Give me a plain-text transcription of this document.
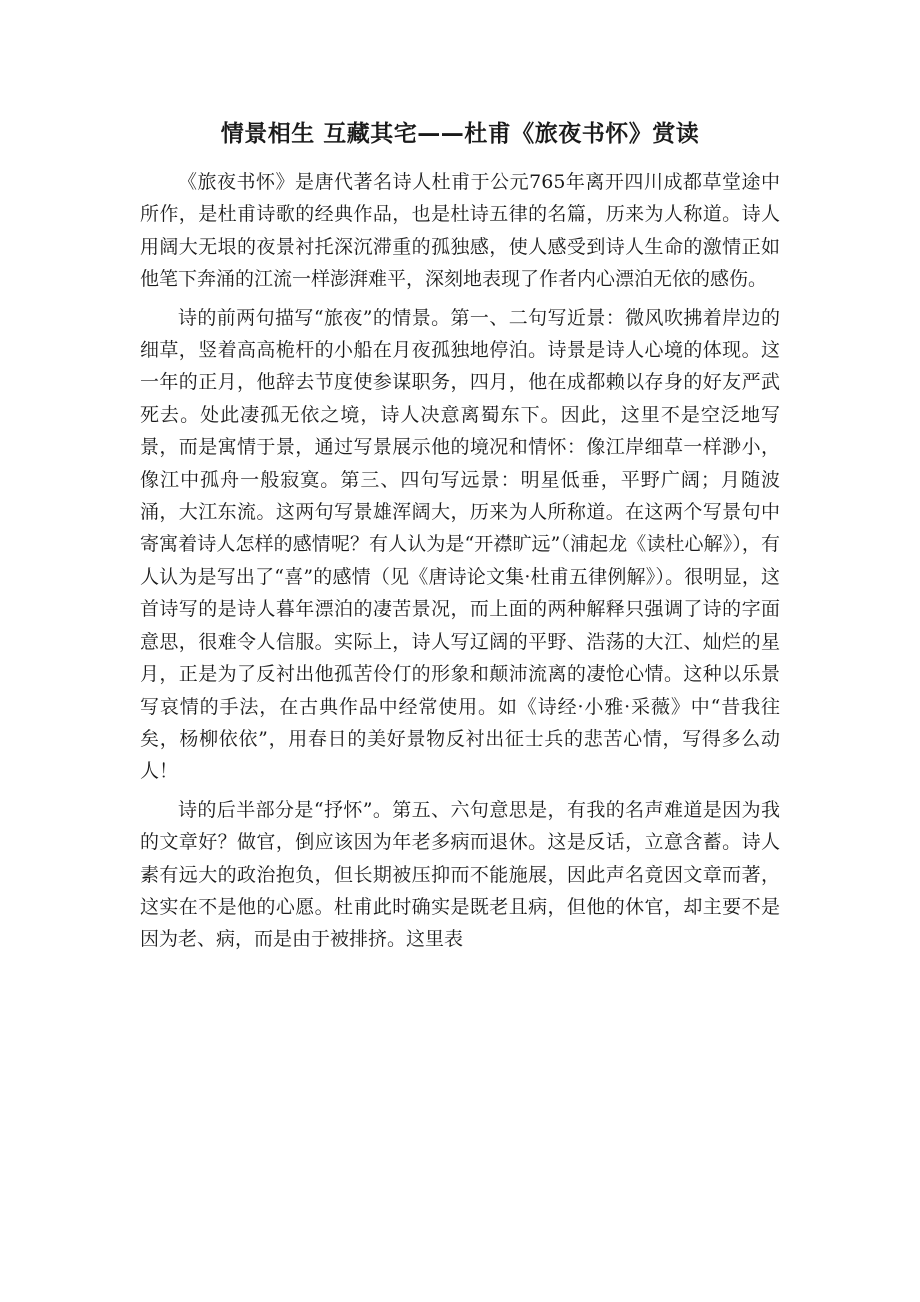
情景相生 互藏其宅——杜甫《旅夜书怀》赏读

《旅夜书怀》是唐代著名诗人杜甫于公元765年离开四川成都草堂途中所作，是杜甫诗歌的经典作品，也是杜诗五律的名篇，历来为人称道。诗人用阔大无垠的夜景衬托深沉滞重的孤独感，使人感受到诗人生命的激情正如他笔下奔涌的江流一样澎湃难平，深刻地表现了作者内心漂泊无依的感伤。

诗的前两句描写“旅夜”的情景。第一、二句写近景：微风吹拂着岸边的细草，竖着高高桅杆的小船在月夜孤独地停泊。诗景是诗人心境的体现。这一年的正月，他辞去节度使参谋职务，四月，他在成都赖以存身的好友严武死去。处此凄孤无依之境，诗人决意离蜀东下。因此，这里不是空泛地写景，而是寓情于景，通过写景展示他的境况和情怀：像江岸细草一样渺小，像江中孤舟一般寂寞。第三、四句写远景：明星低垂，平野广阔；月随波涌，大江东流。这两句写景雄浑阔大，历来为人所称道。在这两个写景句中寄寓着诗人怎样的感情呢？有人认为是“开襟旷远”（浦起龙《读杜心解》），有人认为是写出了“喜”的感情（见《唐诗论文集·杜甫五律例解》）。很明显，这首诗写的是诗人暮年漂泊的凄苦景况，而上面的两种解释只强调了诗的字面意思，很难令人信服。实际上，诗人写辽阔的平野、浩荡的大江、灿烂的星月，正是为了反衬出他孤苦伶仃的形象和颠沛流离的凄怆心情。这种以乐景写哀情的手法，在古典作品中经常使用。如《诗经·小雅·采薇》中“昔我往矣，杨柳依依”，用春日的美好景物反衬出征士兵的悲苦心情，写得多么动人！

诗的后半部分是“抒怀”。第五、六句意思是，有我的名声难道是因为我的文章好？做官，倒应该因为年老多病而退休。这是反话，立意含蓄。诗人素有远大的政治抱负，但长期被压抑而不能施展，因此声名竟因文章而著，这实在不是他的心愿。杜甫此时确实是既老且病，但他的休官，却主要不是因为老、病，而是由于被排挤。这里表
